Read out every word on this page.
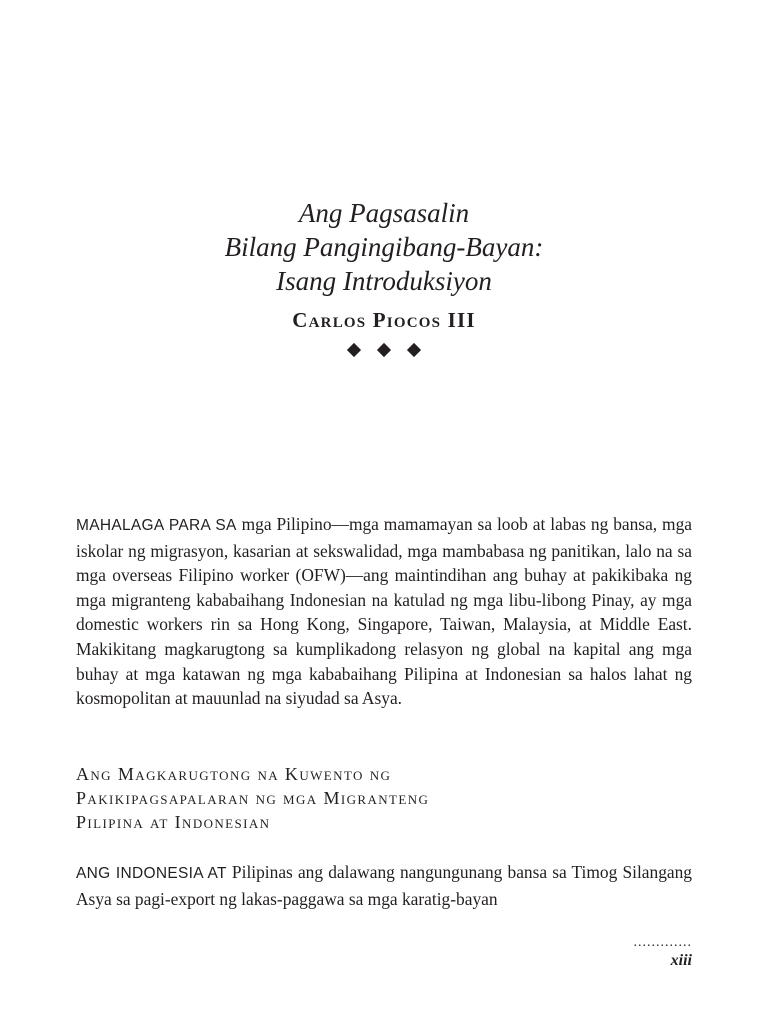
Ang Pagsasalin
Bilang Pangingibang-Bayan:
Isang Introduksiyon
Carlos Piocos III

MAHALAGA PARA SA mga Pilipino—mga mamamayan sa loob at labas ng bansa, mga iskolar ng migrasyon, kasarian at sekswalidad, mga mambabasa ng panitikan, lalo na sa mga overseas Filipino worker (OFW)—ang maintindihan ang buhay at pakikibaka ng mga migranteng kababaihang Indonesian na katulad ng mga libu-libong Pinay, ay mga domestic workers rin sa Hong Kong, Singapore, Taiwan, Malaysia, at Middle East. Makikitang magkarugtong sa kumplikadong relasyon ng global na kapital ang mga buhay at mga katawan ng mga kababaihang Pilipina at Indonesian sa halos lahat ng kosmopolitan at mauunlad na siyudad sa Asya.

Ang Magkarugtong na Kuwento ng
Pakikipagsapalaran ng mga Migranteng
Pilipina at Indonesian

ANG INDONESIA AT Pilipinas ang dalawang nangungunang bansa sa Timog Silangang Asya sa pagi-export ng lakas-paggawa sa mga karatig-bayan

.............
xiii
